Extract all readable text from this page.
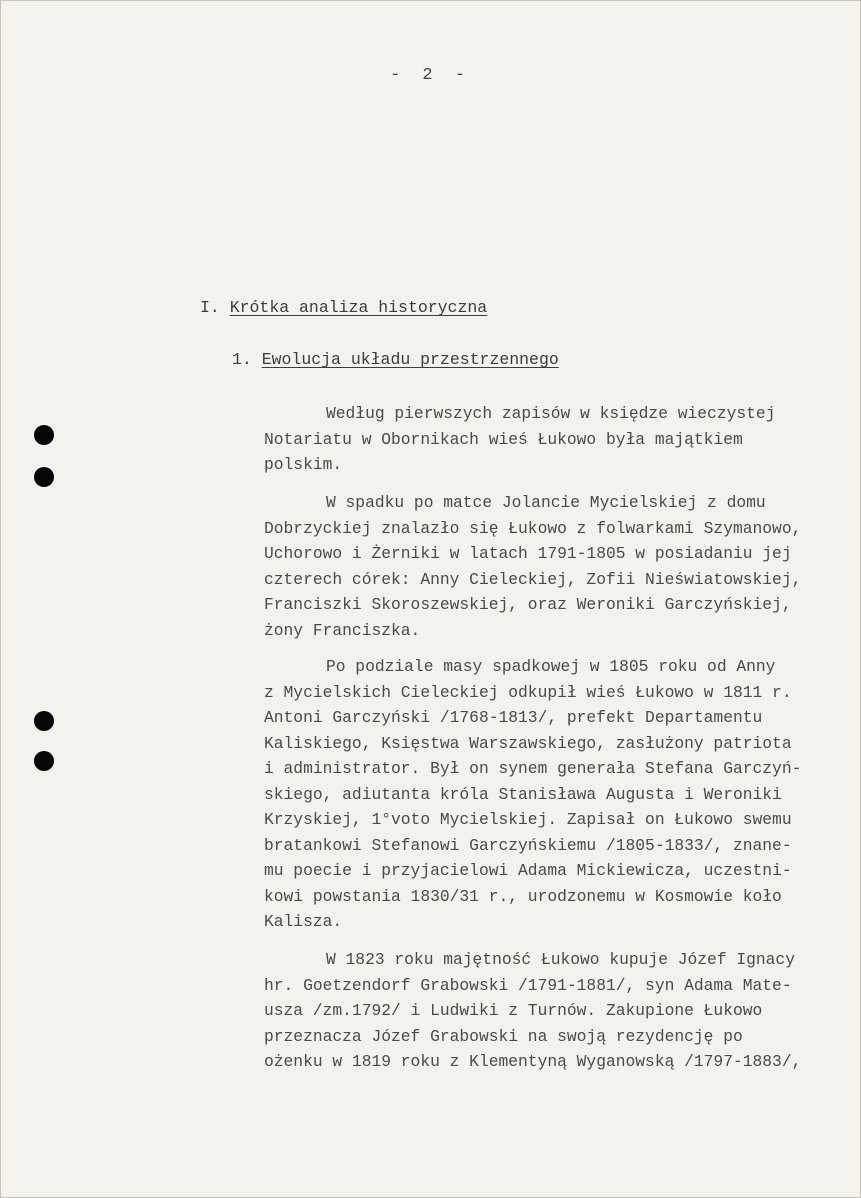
- 2 -
I. Krótka analiza historyczna
1. Ewolucja układu przestrzennego
Według pierwszych zapisów w księdze wieczystej
Notariatu w Obornikach wieś Łukowo była majątkiem
polskim.
W spadku po matce Jolancie Mycielskiej z domu
Dobrzyckiej znalazło się Łukowo z folwarkami Szymanowo,
Uchorowo i Żerniki w latach 1791-1805 w posiadaniu jej
czterech córek: Anny Cieleckiej, Zofii Nieświatowskiej,
Franciszki Skoroszewskiej, oraz Weroniki Garczyńskiej,
żony Franciszka.
Po podziale masy spadkowej w 1805 roku od Anny
z Mycielskich Cieleckiej odkupił wieś Łukowo w 1811 r.
Antoni Garczyński /1768-1813/, prefekt Departamentu
Kaliskiego, Księstwa Warszawskiego, zasłużony patriota
i administrator. Był on synem generała Stefana Garczyń-
skiego, adiutanta króla Stanisława Augusta i Weroniki
Krzyskiej, 1°voto Mycielskiej. Zapisał on Łukowo swemu
bratankowi Stefanowi Garczyńskiemu /1805-1833/, znane-
mu poecie i przyjacielowi Adama Mickiewicza, uczestni-
kowi powstania 1830/31 r., urodzonemu w Kosmowie koło
Kalisza.
W 1823 roku majętność Łukowo kupuje Józef Ignacy
hr. Goetzendorf Grabowski /1791-1881/, syn Adama Mate-
usza /zm.1792/ i Ludwiki z Turnów. Zakupione Łukowo
przeznacza Józef Grabowski na swoją rezydencję po
ożenku w 1819 roku z Klementyną Wyganowską /1797-1883/,
